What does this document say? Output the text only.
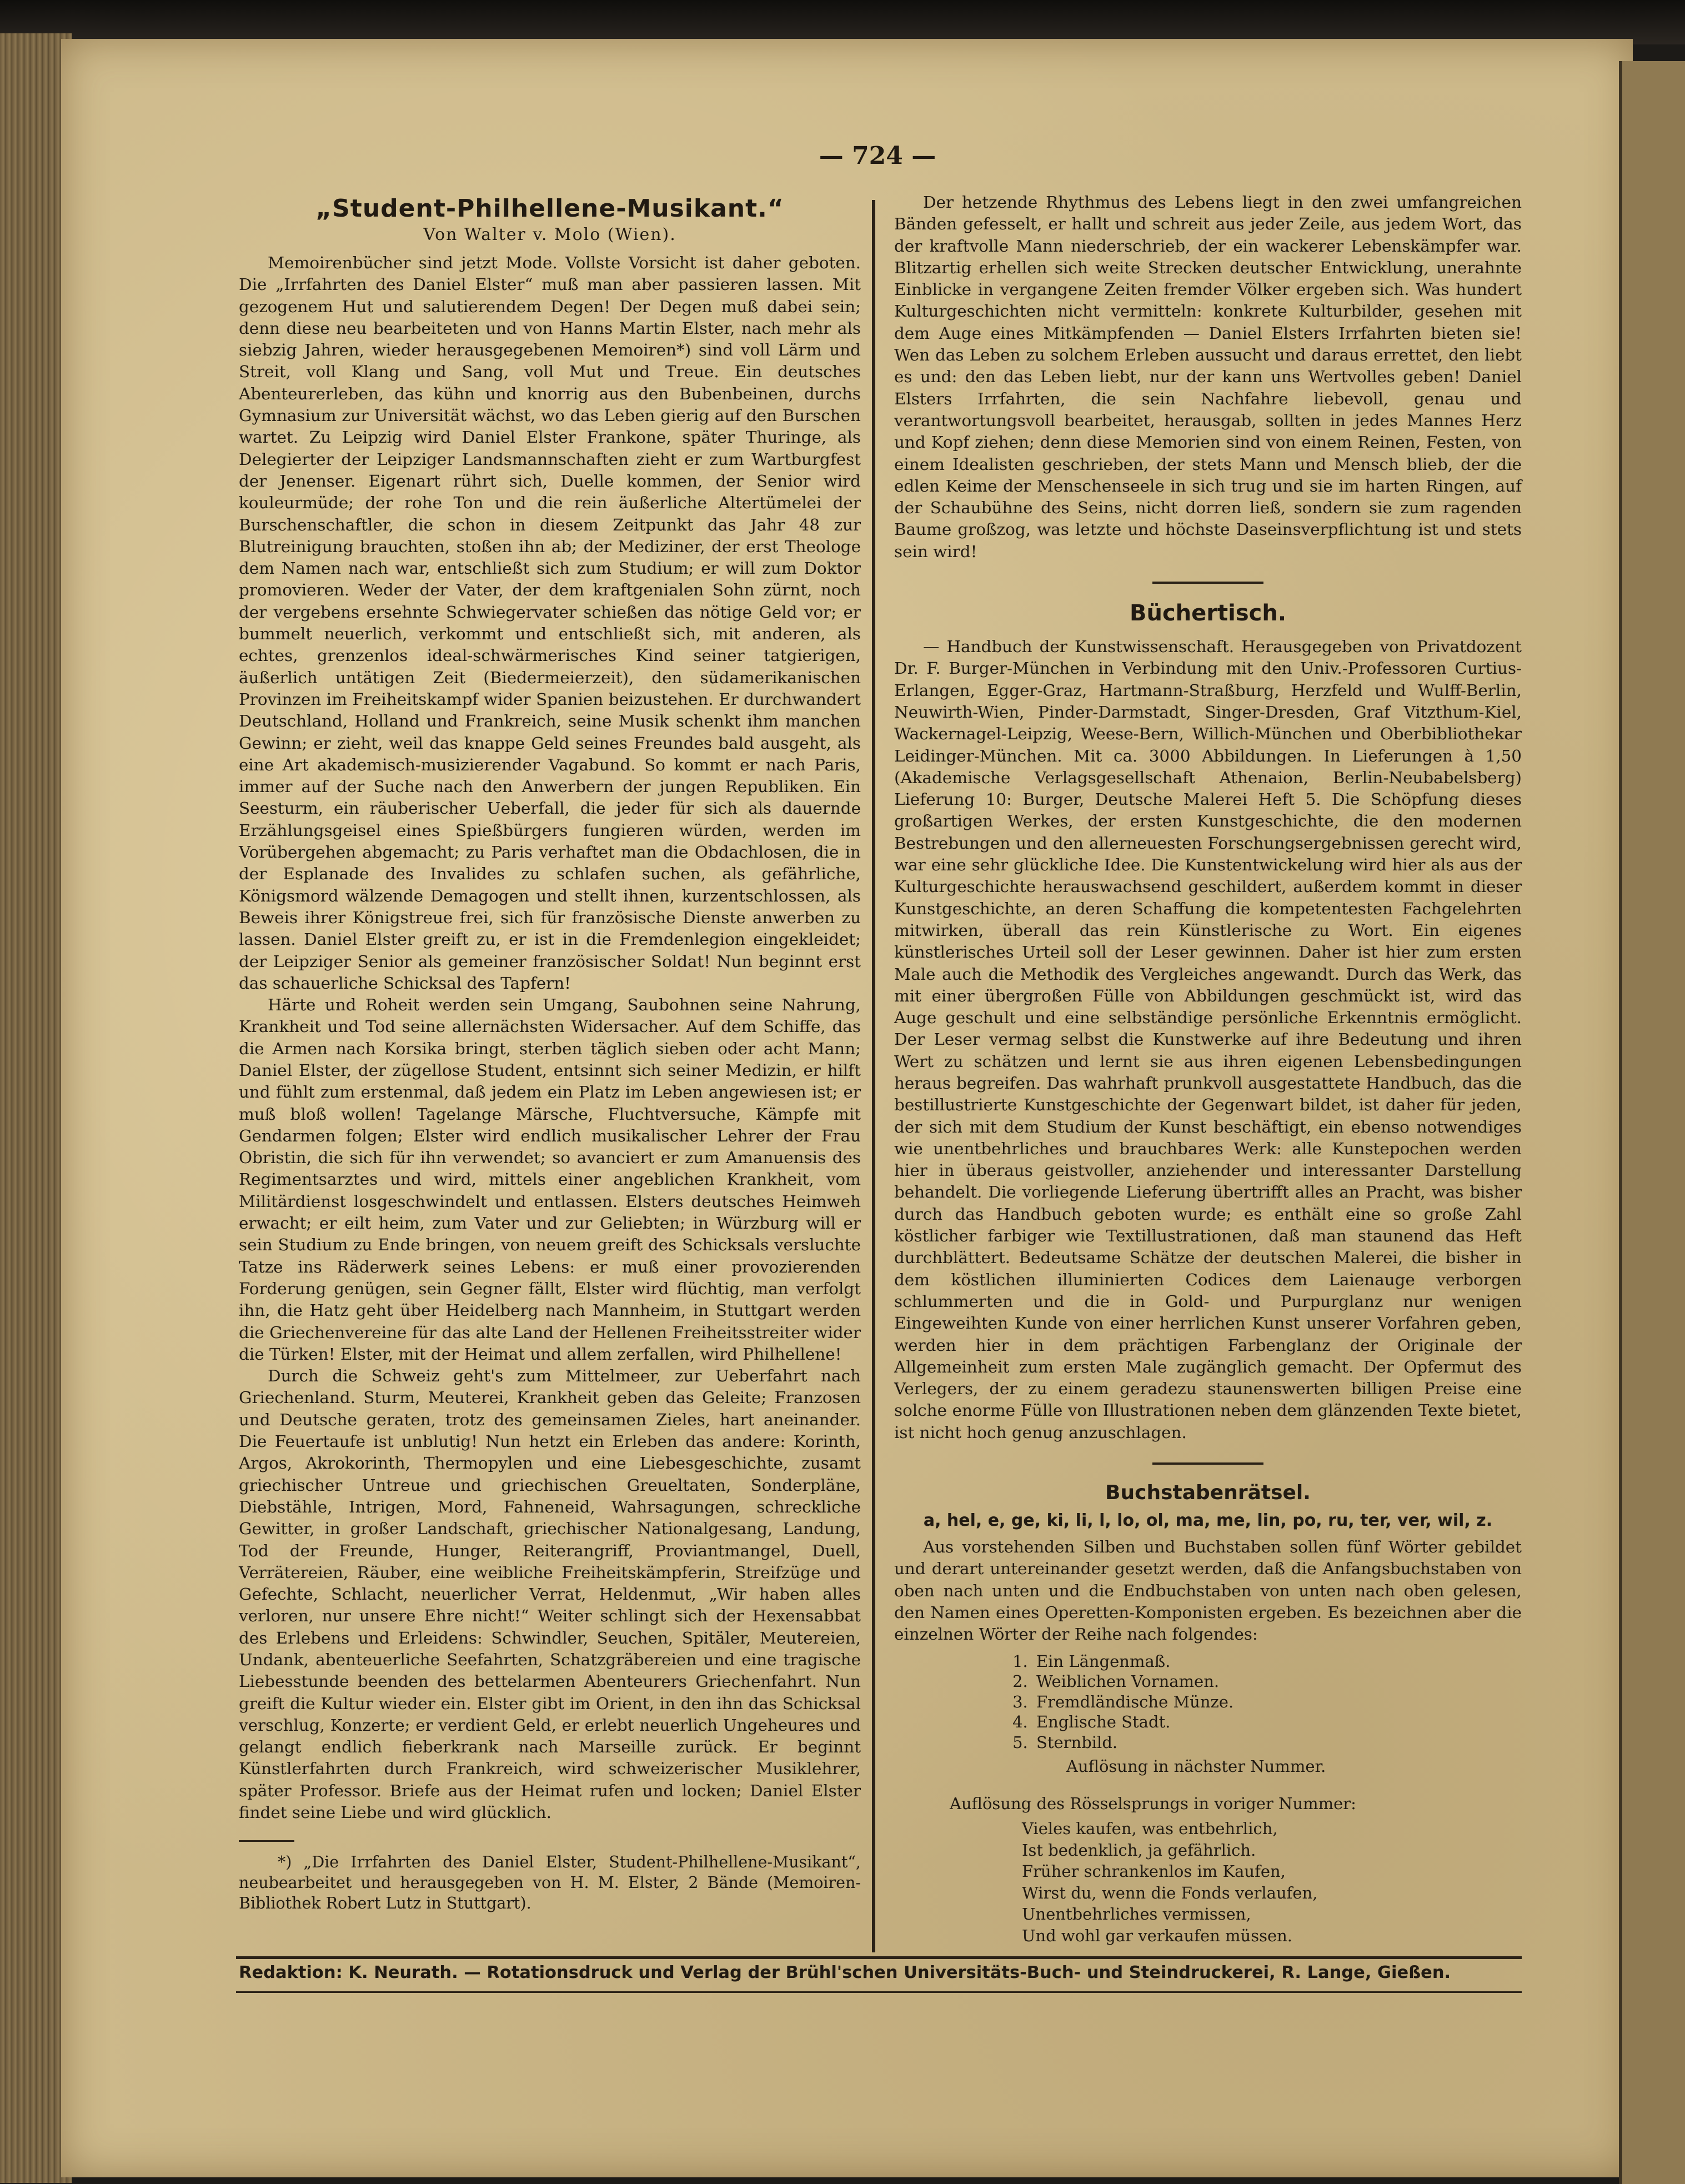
— 724 —
„Student-Philhellene-Musikant.“
Von Walter v. Molo (Wien).

Memoirenbücher sind jetzt Mode. Vollste Vorsicht ist daher geboten. Die „Irrfahrten des Daniel Elster“ muß man aber passieren lassen. Mit gezogenem Hut und salutierendem Degen! Der Degen muß dabei sein; denn diese neu bearbeiteten und von Hanns Martin Elster, nach mehr als siebzig Jahren, wieder herausgegebenen Memoiren*) sind voll Lärm und Streit, voll Klang und Sang, voll Mut und Treue. Ein deutsches Abenteurerleben, das kühn und knorrig aus den Bubenbeinen, durchs Gymnasium zur Universität wächst, wo das Leben gierig auf den Burschen wartet. Zu Leipzig wird Daniel Elster Frankone, später Thuringe, als Delegierter der Leipziger Landsmannschaften zieht er zum Wartburgfest der Jenenser. Eigenart rührt sich, Duelle kommen, der Senior wird kouleurmüde; der rohe Ton und die rein äußerliche Altertümelei der Burschenschaftler, die schon in diesem Zeitpunkt das Jahr 48 zur Blutreinigung brauchten, stoßen ihn ab; der Mediziner, der erst Theologe dem Namen nach war, entschließt sich zum Studium; er will zum Doktor promovieren. Weder der Vater, der dem kraftgenialen Sohn zürnt, noch der vergebens ersehnte Schwiegervater schießen das nötige Geld vor; er bummelt neuerlich, verkommt und entschließt sich, mit anderen, als echtes, grenzenlos ideal-schwärmerisches Kind seiner tatgierigen, äußerlich untätigen Zeit (Biedermeierzeit), den südamerikanischen Provinzen im Freiheitskampf wider Spanien beizustehen. Er durchwandert Deutschland, Holland und Frankreich, seine Musik schenkt ihm manchen Gewinn; er zieht, weil das knappe Geld seines Freundes bald ausgeht, als eine Art akademisch-musizierender Vagabund. So kommt er nach Paris, immer auf der Suche nach den Anwerbern der jungen Republiken. Ein Seesturm, ein räuberischer Ueberfall, die jeder für sich als dauernde Erzählungsgeisel eines Spießbürgers fungieren würden, werden im Vorübergehen abgemacht; zu Paris verhaftet man die Obdachlosen, die in der Esplanade des Invalides zu schlafen suchen, als gefährliche, Königsmord wälzende Demagogen und stellt ihnen, kurzentschlossen, als Beweis ihrer Königstreue frei, sich für französische Dienste anwerben zu lassen. Daniel Elster greift zu, er ist in die Fremdenlegion eingekleidet; der Leipziger Senior als gemeiner französischer Soldat! Nun beginnt erst das schauerliche Schicksal des Tapfern!

Härte und Roheit werden sein Umgang, Saubohnen seine Nahrung, Krankheit und Tod seine allernächsten Widersacher. Auf dem Schiffe, das die Armen nach Korsika bringt, sterben täglich sieben oder acht Mann; Daniel Elster, der zügellose Student, entsinnt sich seiner Medizin, er hilft und fühlt zum erstenmal, daß jedem ein Platz im Leben angewiesen ist; er muß bloß wollen! Tagelange Märsche, Fluchtversuche, Kämpfe mit Gendarmen folgen; Elster wird endlich musikalischer Lehrer der Frau Obristin, die sich für ihn verwendet; so avanciert er zum Amanuensis des Regimentsarztes und wird, mittels einer angeblichen Krankheit, vom Militärdienst losgeschwindelt und entlassen. Elsters deutsches Heimweh erwacht; er eilt heim, zum Vater und zur Geliebten; in Würzburg will er sein Studium zu Ende bringen, von neuem greift des Schicksals versluchte Tatze ins Räderwerk seines Lebens: er muß einer provozierenden Forderung genügen, sein Gegner fällt, Elster wird flüchtig, man verfolgt ihn, die Hatz geht über Heidelberg nach Mannheim, in Stuttgart werden die Griechenvereine für das alte Land der Hellenen Freiheitsstreiter wider die Türken! Elster, mit der Heimat und allem zerfallen, wird Philhellene!

Durch die Schweiz geht's zum Mittelmeer, zur Ueberfahrt nach Griechenland. Sturm, Meuterei, Krankheit geben das Geleite; Franzosen und Deutsche geraten, trotz des gemeinsamen Zieles, hart aneinander. Die Feuertaufe ist unblutig! Nun hetzt ein Erleben das andere: Korinth, Argos, Akrokorinth, Thermopylen und eine Liebesgeschichte, zusamt griechischer Untreue und griechischen Greueltaten, Sonderpläne, Diebstähle, Intrigen, Mord, Fahneneid, Wahrsagungen, schreckliche Gewitter, in großer Landschaft, griechischer Nationalgesang, Landung, Tod der Freunde, Hunger, Reiterangriff, Proviantmangel, Duell, Verrätereien, Räuber, eine weibliche Freiheitskämpferin, Streifzüge und Gefechte, Schlacht, neuerlicher Verrat, Heldenmut, „Wir haben alles verloren, nur unsere Ehre nicht!“ Weiter schlingt sich der Hexensabbat des Erlebens und Erleidens: Schwindler, Seuchen, Spitäler, Meutereien, Undank, abenteuerliche Seefahrten, Schatzgräbereien und eine tragische Liebesstunde beenden des bettelarmen Abenteurers Griechenfahrt. Nun greift die Kultur wieder ein. Elster gibt im Orient, in den ihn das Schicksal verschlug, Konzerte; er verdient Geld, er erlebt neuerlich Ungeheures und gelangt endlich fieberkrank nach Marseille zurück. Er beginnt Künstlerfahrten durch Frankreich, wird schweizerischer Musiklehrer, später Professor. Briefe aus der Heimat rufen und locken; Daniel Elster findet seine Liebe und wird glücklich.

*) „Die Irrfahrten des Daniel Elster, Student-Philhellene-Musikant“, neubearbeitet und herausgegeben von H. M. Elster, 2 Bände (Memoiren-Bibliothek Robert Lutz in Stuttgart).

Der hetzende Rhythmus des Lebens liegt in den zwei umfangreichen Bänden gefesselt, er hallt und schreit aus jeder Zeile, aus jedem Wort, das der kraftvolle Mann niederschrieb, der ein wackerer Lebenskämpfer war. Blitzartig erhellen sich weite Strecken deutscher Entwicklung, unerahnte Einblicke in vergangene Zeiten fremder Völker ergeben sich. Was hundert Kulturgeschichten nicht vermitteln: konkrete Kulturbilder, gesehen mit dem Auge eines Mitkämpfenden — Daniel Elsters Irrfahrten bieten sie! Wen das Leben zu solchem Erleben aussucht und daraus errettet, den liebt es und: den das Leben liebt, nur der kann uns Wertvolles geben! Daniel Elsters Irrfahrten, die sein Nachfahre liebevoll, genau und verantwortungsvoll bearbeitet, herausgab, sollten in jedes Mannes Herz und Kopf ziehen; denn diese Memorien sind von einem Reinen, Festen, von einem Idealisten geschrieben, der stets Mann und Mensch blieb, der die edlen Keime der Menschenseele in sich trug und sie im harten Ringen, auf der Schaubühne des Seins, nicht dorren ließ, sondern sie zum ragenden Baume großzog, was letzte und höchste Daseinsverpflichtung ist und stets sein wird!

Büchertisch.

— Handbuch der Kunstwissenschaft. Herausgegeben von Privatdozent Dr. F. Burger-München in Verbindung mit den Univ.-Professoren Curtius-Erlangen, Egger-Graz, Hartmann-Straßburg, Herzfeld und Wulff-Berlin, Neuwirth-Wien, Pinder-Darmstadt, Singer-Dresden, Graf Vitzthum-Kiel, Wackernagel-Leipzig, Weese-Bern, Willich-München und Oberbibliothekar Leidinger-München. Mit ca. 3000 Abbildungen. In Lieferungen à 1,50 (Akademische Verlagsgesellschaft Athenaion, Berlin-Neubabelsberg) Lieferung 10: Burger, Deutsche Malerei Heft 5. Die Schöpfung dieses großartigen Werkes, der ersten Kunstgeschichte, die den modernen Bestrebungen und den allerneuesten Forschungsergebnissen gerecht wird, war eine sehr glückliche Idee. Die Kunstentwickelung wird hier als aus der Kulturgeschichte herauswachsend geschildert, außerdem kommt in dieser Kunstgeschichte, an deren Schaffung die kompetentesten Fachgelehrten mitwirken, überall das rein Künstlerische zu Wort. Ein eigenes künstlerisches Urteil soll der Leser gewinnen. Daher ist hier zum ersten Male auch die Methodik des Vergleiches angewandt. Durch das Werk, das mit einer übergroßen Fülle von Abbildungen geschmückt ist, wird das Auge geschult und eine selbständige persönliche Erkenntnis ermöglicht. Der Leser vermag selbst die Kunstwerke auf ihre Bedeutung und ihren Wert zu schätzen und lernt sie aus ihren eigenen Lebensbedingungen heraus begreifen. Das wahrhaft prunkvoll ausgestattete Handbuch, das die bestillustrierte Kunstgeschichte der Gegenwart bildet, ist daher für jeden, der sich mit dem Studium der Kunst beschäftigt, ein ebenso notwendiges wie unentbehrliches und brauchbares Werk: alle Kunstepochen werden hier in überaus geistvoller, anziehender und interessanter Darstellung behandelt. Die vorliegende Lieferung übertrifft alles an Pracht, was bisher durch das Handbuch geboten wurde; es enthält eine so große Zahl köstlicher farbiger wie Textillustrationen, daß man staunend das Heft durchblättert. Bedeutsame Schätze der deutschen Malerei, die bisher in dem köstlichen illuminierten Codices dem Laienauge verborgen schlummerten und die in Gold- und Purpurglanz nur wenigen Eingeweihten Kunde von einer herrlichen Kunst unserer Vorfahren geben, werden hier in dem prächtigen Farbenglanz der Originale der Allgemeinheit zum ersten Male zugänglich gemacht. Der Opfermut des Verlegers, der zu einem geradezu staunenswerten billigen Preise eine solche enorme Fülle von Illustrationen neben dem glänzenden Texte bietet, ist nicht hoch genug anzuschlagen.

Buchstabenrätsel.
a, hel, e, ge, ki, li, l, lo, ol, ma, me, lin, po, ru, ter, ver, wil, z.

Aus vorstehenden Silben und Buchstaben sollen fünf Wörter gebildet und derart untereinander gesetzt werden, daß die Anfangsbuchstaben von oben nach unten und die Endbuchstaben von unten nach oben gelesen, den Namen eines Operetten-Komponisten ergeben. Es bezeichnen aber die einzelnen Wörter der Reihe nach folgendes:

1. Ein Längenmaß.
2. Weiblichen Vornamen.
3. Fremdländische Münze.
4. Englische Stadt.
5. Sternbild.
Auflösung in nächster Nummer.
Auflösung des Rösselsprungs in voriger Nummer:
Vieles kaufen, was entbehrlich,
Ist bedenklich, ja gefährlich.
Früher schrankenlos im Kaufen,
Wirst du, wenn die Fonds verlaufen,
Unentbehrliches vermissen,
Und wohl gar verkaufen müssen.
Redaktion: K. Neurath. — Rotationsdruck und Verlag der Brühl'schen Universitäts-Buch- und Steindruckerei, R. Lange, Gießen.
